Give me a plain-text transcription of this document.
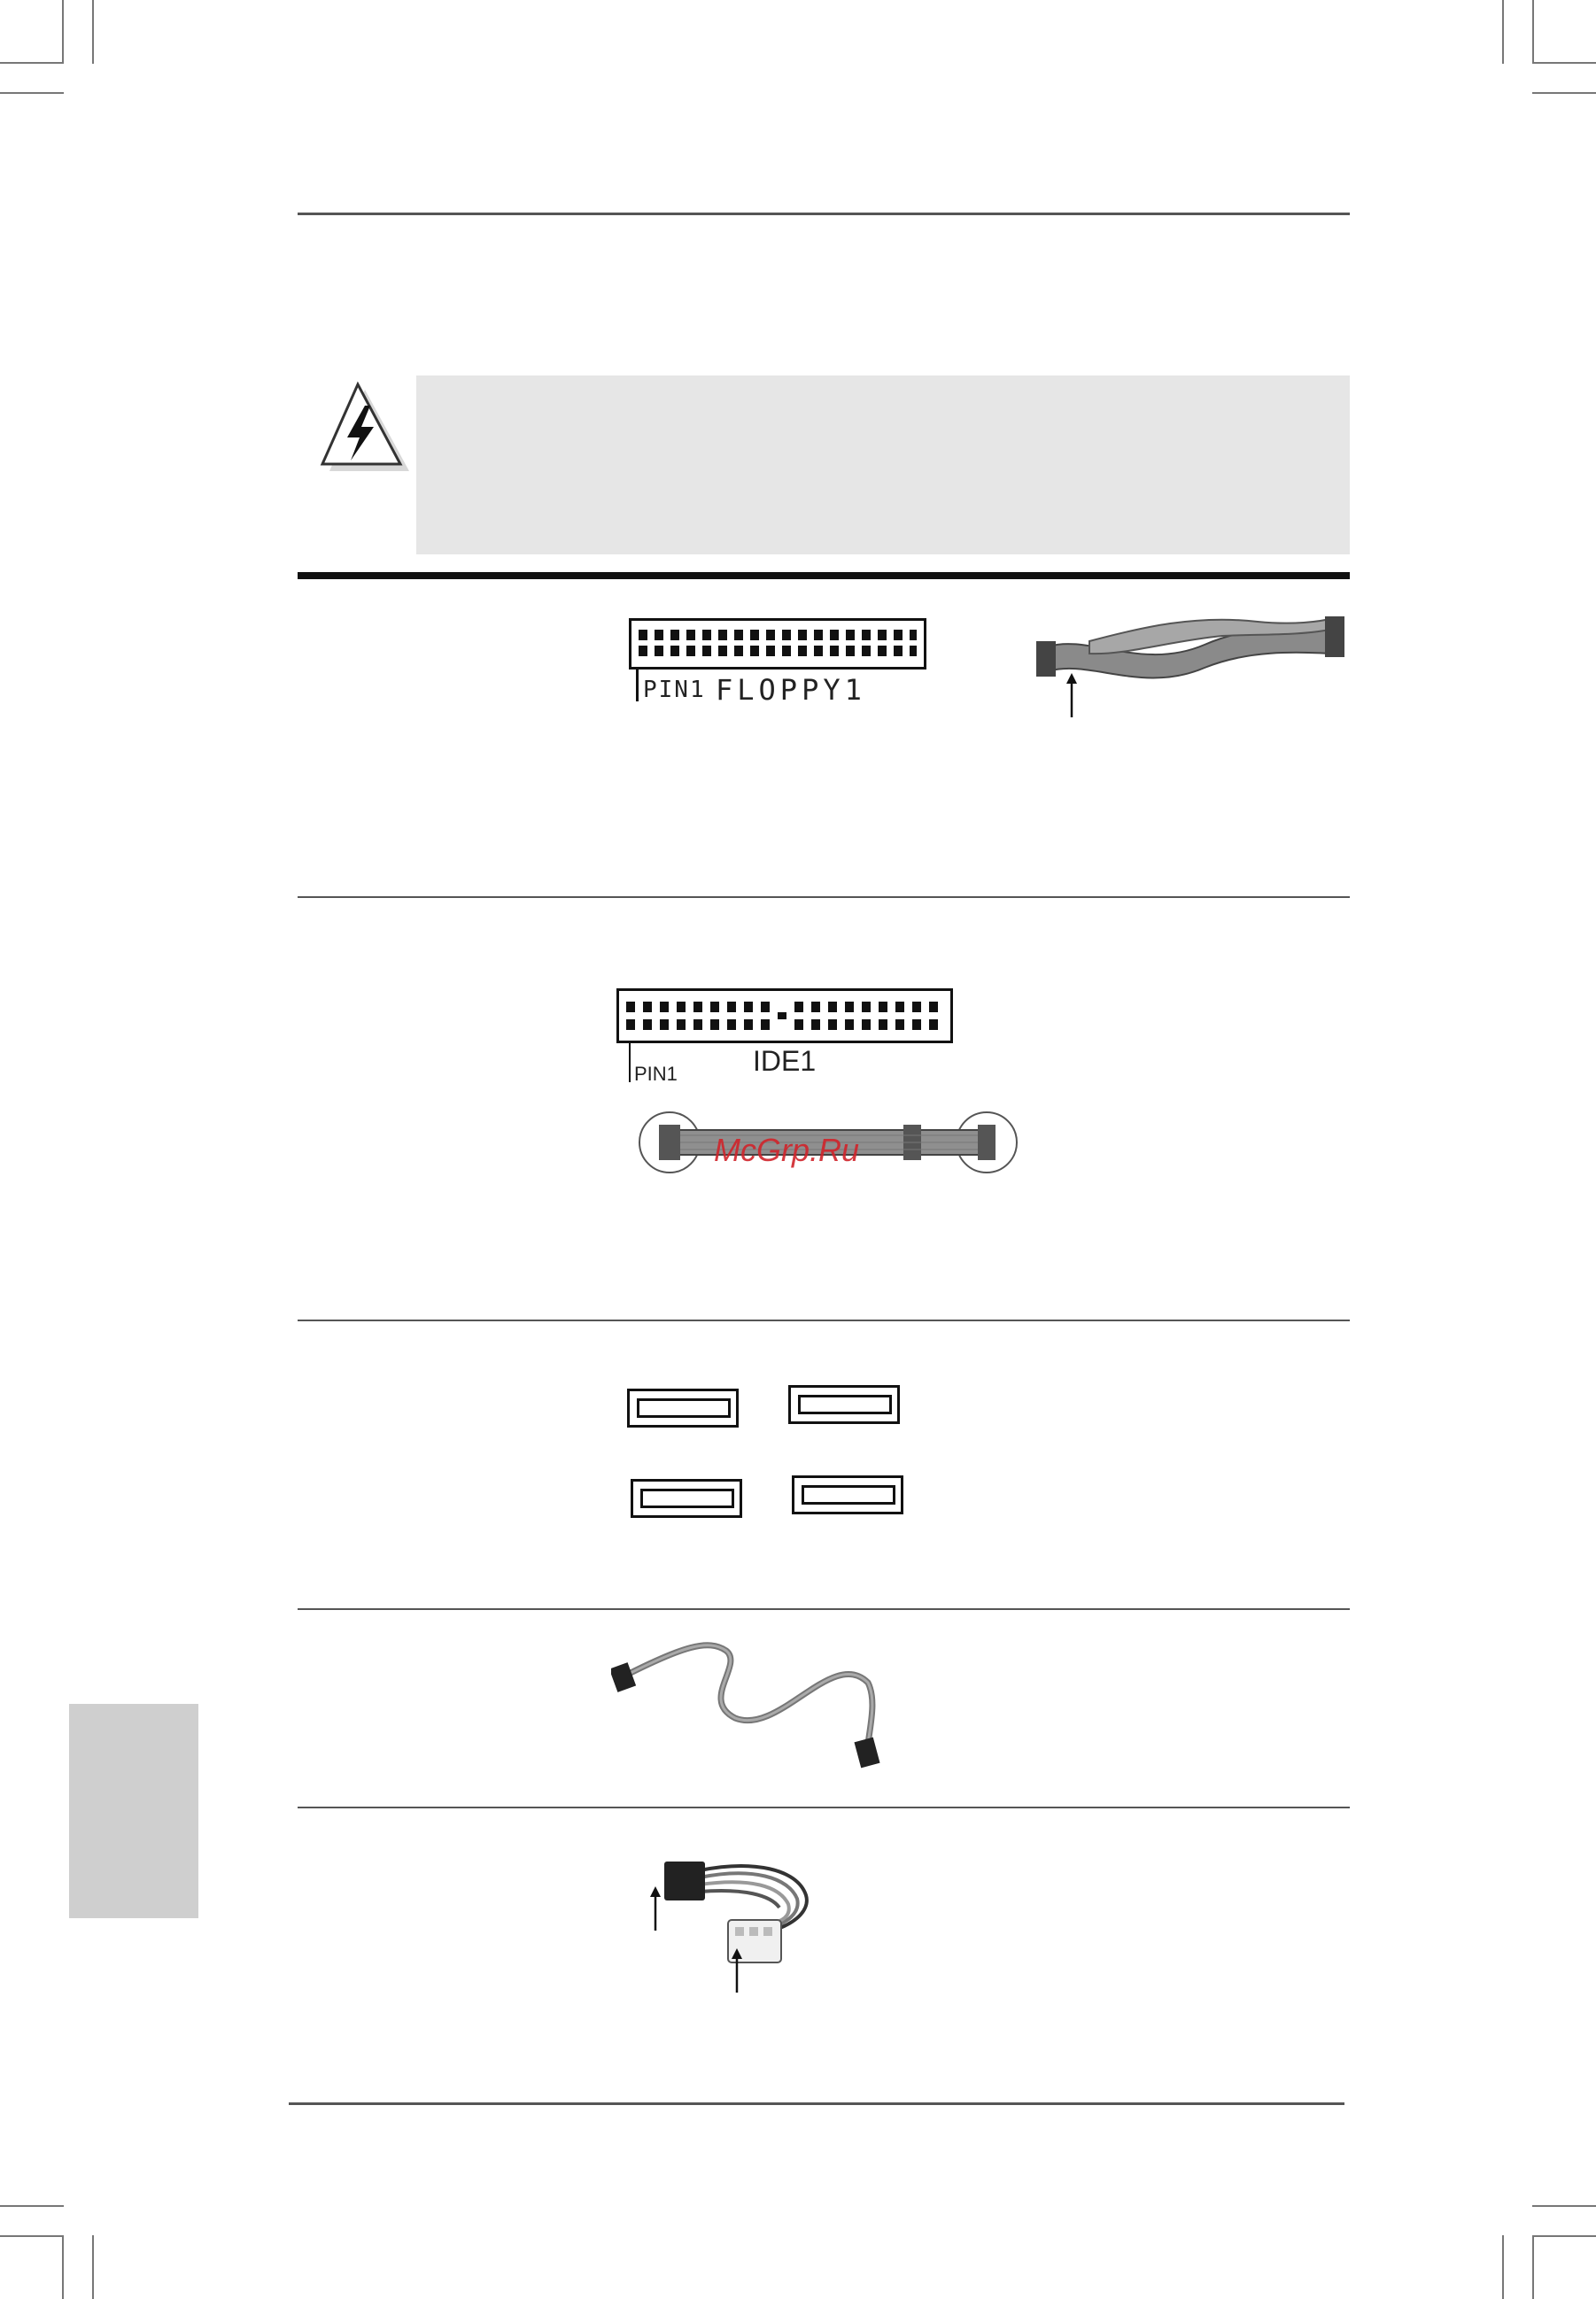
PIN1 FLOPPY1
PIN1	IDE1
McGrp.Ru
